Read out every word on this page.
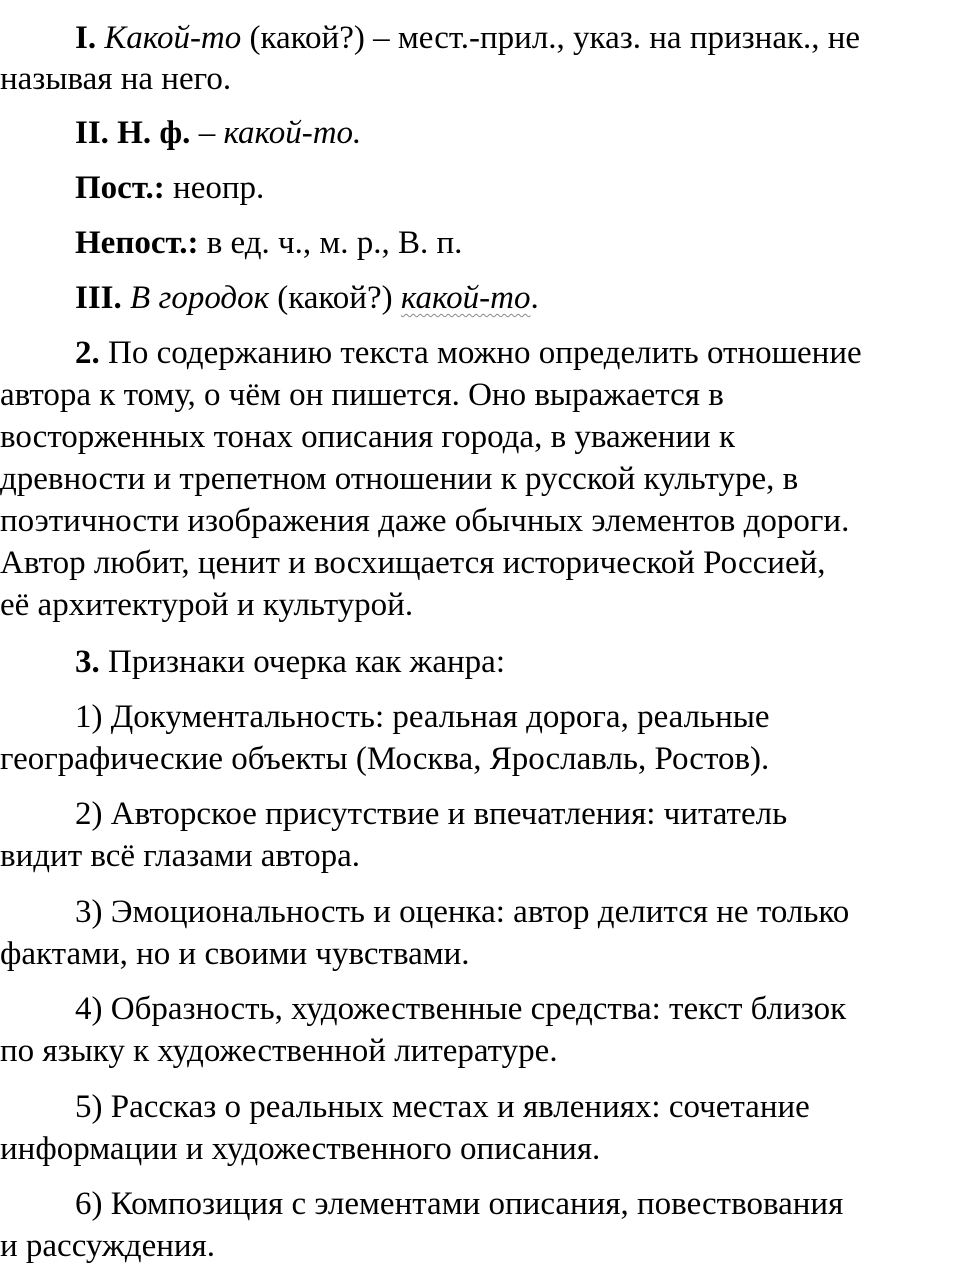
I. Какой-то (какой?) – мест.-прил., указ. на признак., не
называя на него.
II. Н. ф. – какой-то.
Пост.: неопр.
Непост.: в ед. ч., м. р., В. п.
III. В городок (какой?) какой-то.
2. По содержанию текста можно определить отношение
автора к тому, о чём он пишется. Оно выражается в
восторженных тонах описания города, в уважении к
древности и трепетном отношении к русской культуре, в
поэтичности изображения даже обычных элементов дороги.
Автор любит, ценит и восхищается исторической Россией,
её архитектурой и культурой.
3. Признаки очерка как жанра:
1) Документальность: реальная дорога, реальные
географические объекты (Москва, Ярославль, Ростов).
2) Авторское присутствие и впечатления: читатель
видит всё глазами автора.
3) Эмоциональность и оценка: автор делится не только
фактами, но и своими чувствами.
4) Образность, художественные средства: текст близок
по языку к художественной литературе.
5) Рассказ о реальных местах и явлениях: сочетание
информации и художественного описания.
6) Композиция с элементами описания, повествования
и рассуждения.
